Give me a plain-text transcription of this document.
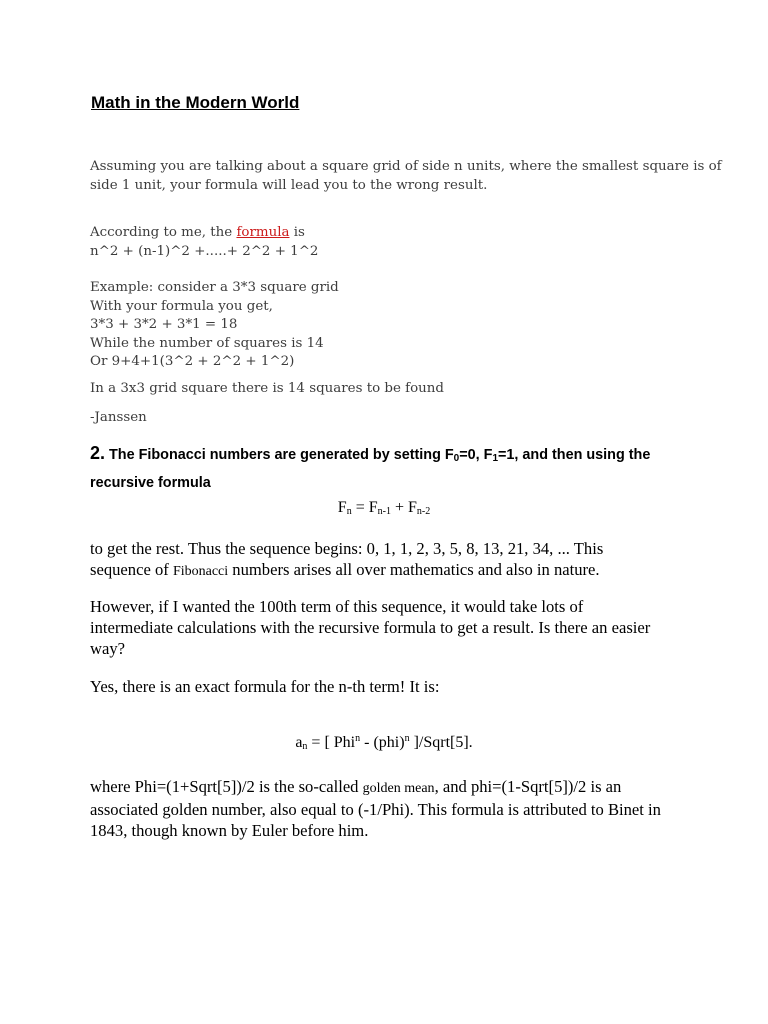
Math in the Modern World

Assuming you are talking about a square grid of side n units, where the smallest square is of
side 1 unit, your formula will lead you to the wrong result.

According to me, the formula is
n^2 + (n-1)^2 +.....+ 2^2 + 1^2

Example: consider a 3*3 square grid
With your formula you get,
3*3 + 3*2 + 3*1 = 18
While the number of squares is 14
Or 9+4+1(3^2 + 2^2 + 1^2)

In a 3x3 grid square there is 14 squares to be found

-Janssen

2. The Fibonacci numbers are generated by setting $F_0=0$, $F_1=1$, and then using the
recursive formula

$F_n = F_{n-1} + F_{n-2}$

to get the rest. Thus the sequence begins: 0, 1, 1, 2, 3, 5, 8, 13, 21, 34, ... This
sequence of Fibonacci numbers arises all over mathematics and also in nature.

However, if I wanted the 100th term of this sequence, it would take lots of
intermediate calculations with the recursive formula to get a result. Is there an easier
way?

Yes, there is an exact formula for the n-th term! It is:

$a_n$ = [ Phi$^n$ - (phi)$^n$ ]/Sqrt[5].

where Phi=(1+Sqrt[5])/2 is the so-called golden mean, and phi=(1-Sqrt[5])/2 is an
associated golden number, also equal to (-1/Phi). This formula is attributed to Binet in
1843, though known by Euler before him.
